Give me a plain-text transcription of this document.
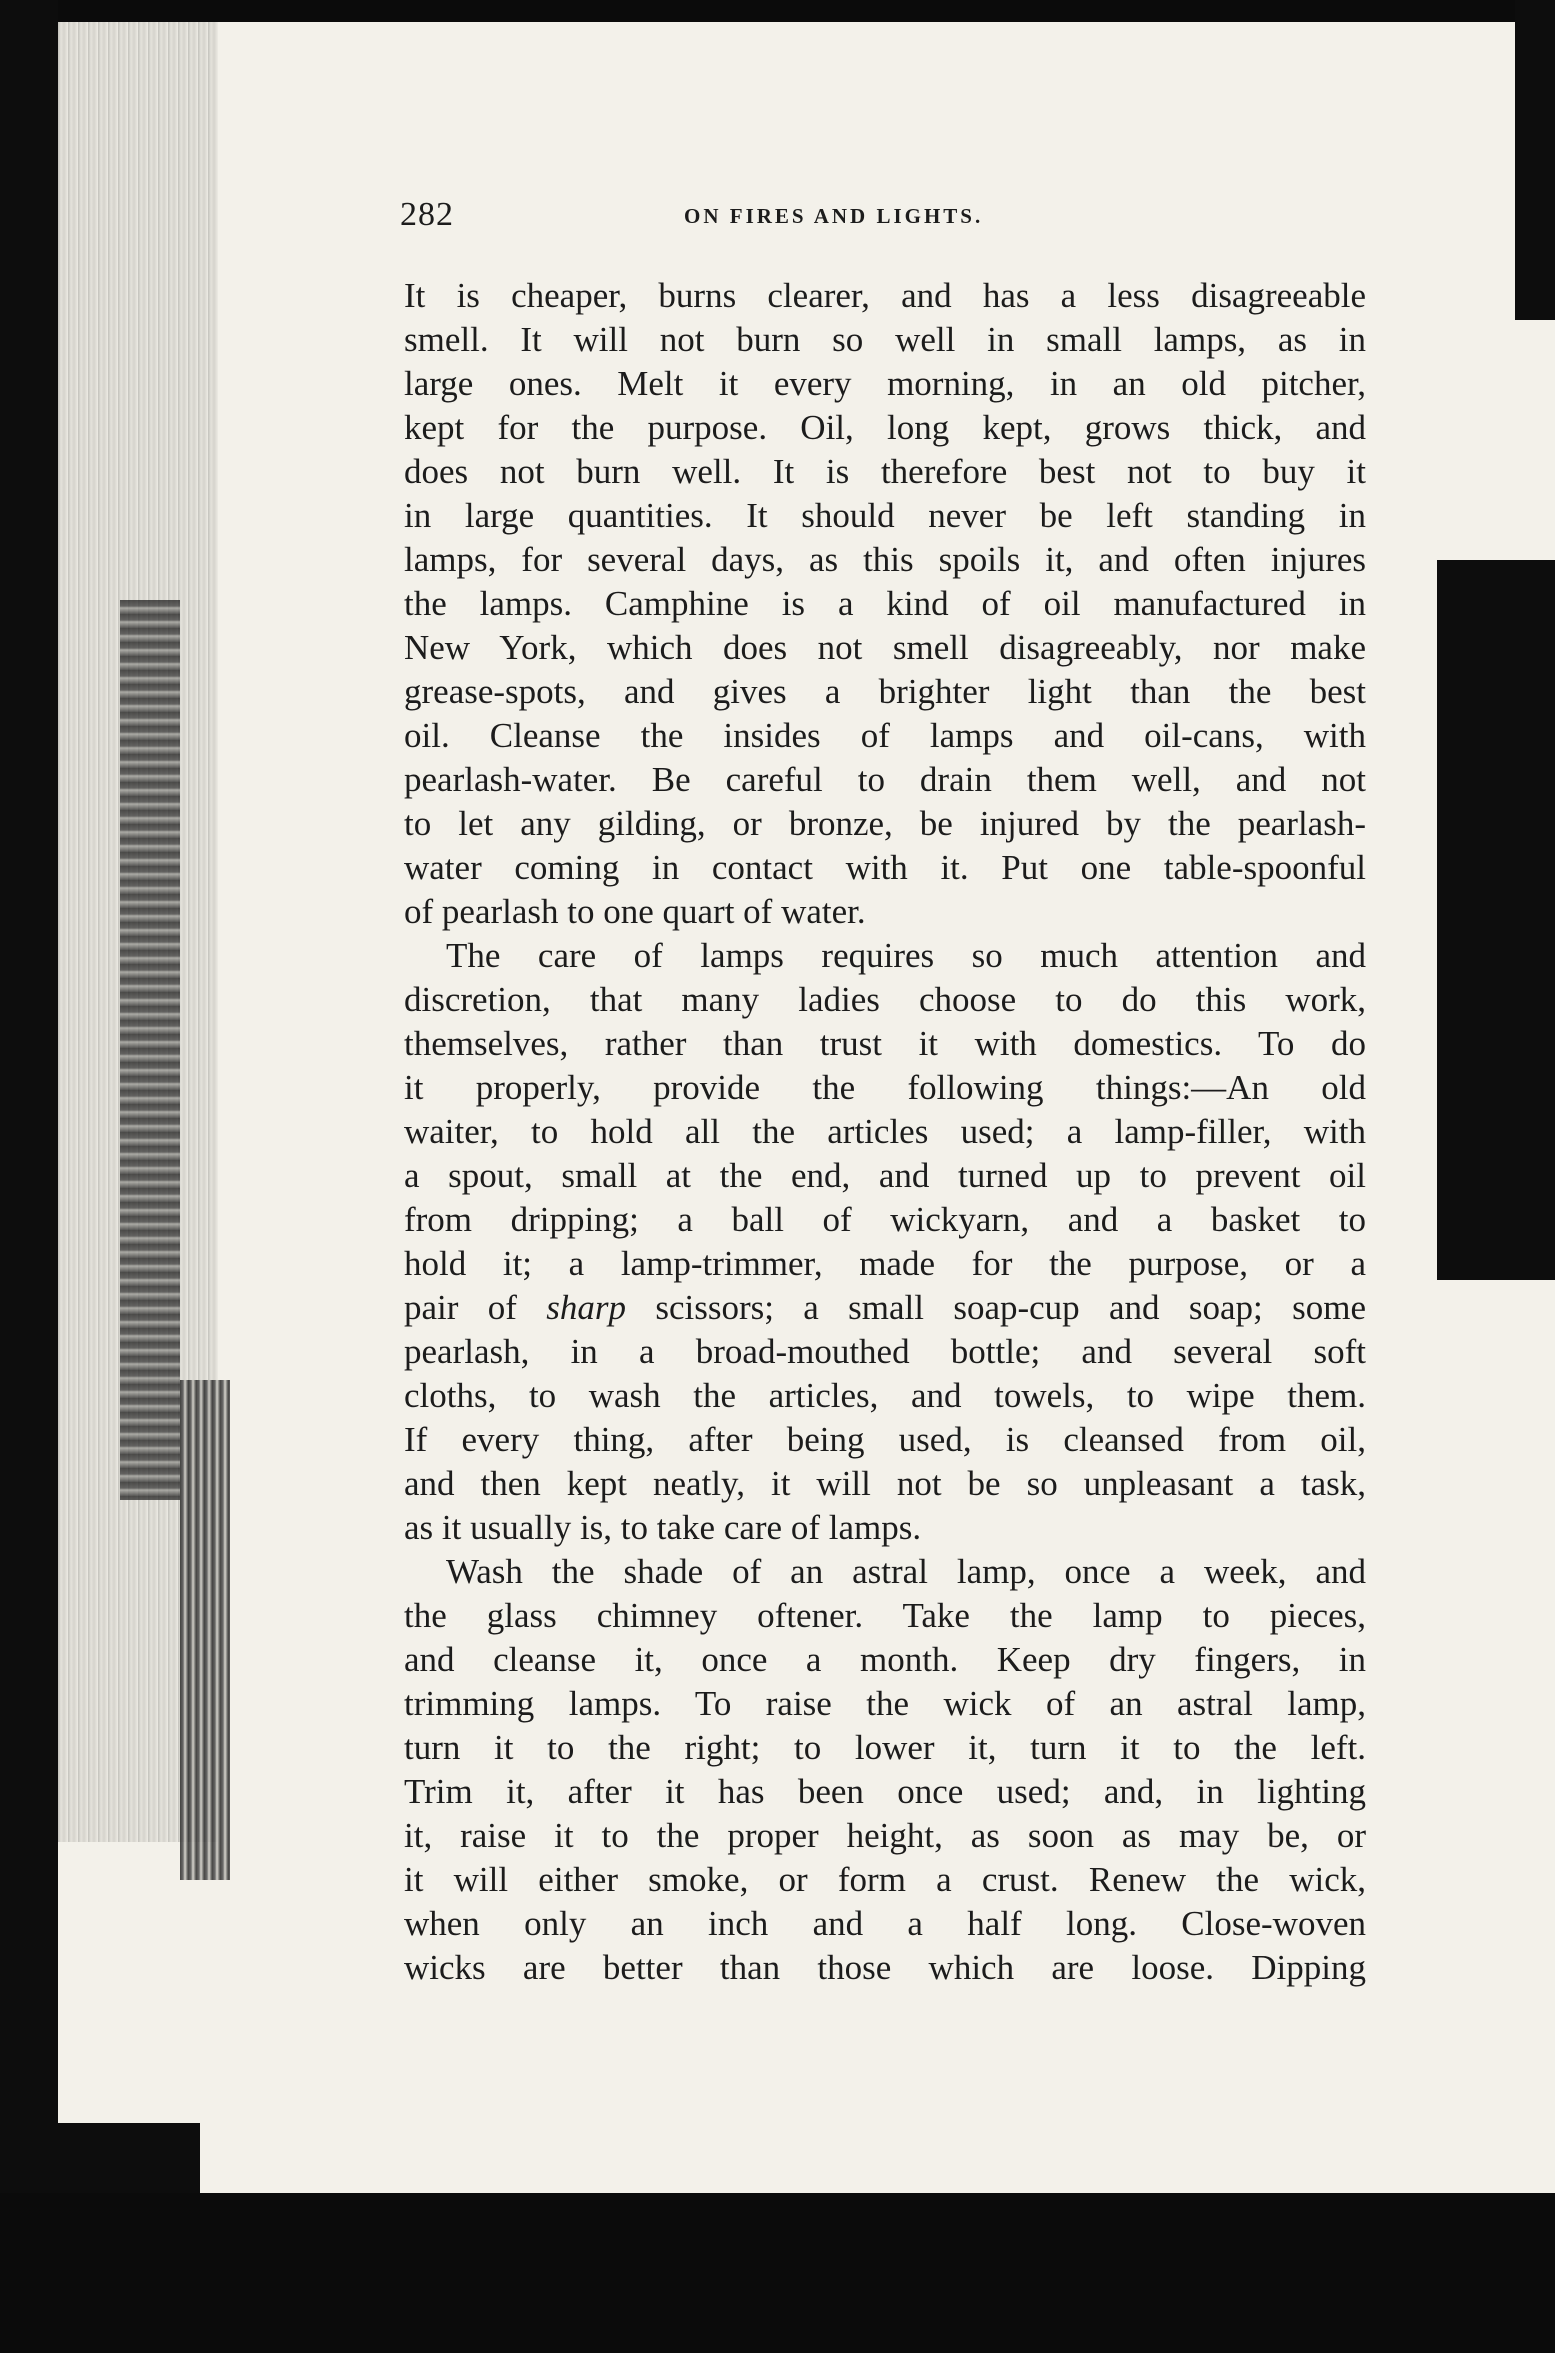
282	ON FIRES AND LIGHTS.
It is cheaper, burns clearer, and has a less disagreeable
smell. It will not burn so well in small lamps, as in
large ones. Melt it every morning, in an old pitcher,
kept for the purpose. Oil, long kept, grows thick, and
does not burn well. It is therefore best not to buy it
in large quantities. It should never be left standing in
lamps, for several days, as this spoils it, and often injures
the lamps. Camphine is a kind of oil manufactured in
New York, which does not smell disagreeably, nor make
grease-spots, and gives a brighter light than the best
oil. Cleanse the insides of lamps and oil-cans, with
pearlash-water. Be careful to drain them well, and not
to let any gilding, or bronze, be injured by the pearlash-
water coming in contact with it. Put one table-spoonful
of pearlash to one quart of water.
The care of lamps requires so much attention and
discretion, that many ladies choose to do this work,
themselves, rather than trust it with domestics. To do
it properly, provide the following things:—An old
waiter, to hold all the articles used; a lamp-filler, with
a spout, small at the end, and turned up to prevent oil
from dripping; a ball of wickyarn, and a basket to
hold it; a lamp-trimmer, made for the purpose, or a
pair of sharp scissors; a small soap-cup and soap; some
pearlash, in a broad-mouthed bottle; and several soft
cloths, to wash the articles, and towels, to wipe them.
If every thing, after being used, is cleansed from oil,
and then kept neatly, it will not be so unpleasant a task,
as it usually is, to take care of lamps.
Wash the shade of an astral lamp, once a week, and
the glass chimney oftener. Take the lamp to pieces,
and cleanse it, once a month. Keep dry fingers, in
trimming lamps. To raise the wick of an astral lamp,
turn it to the right; to lower it, turn it to the left.
Trim it, after it has been once used; and, in lighting
it, raise it to the proper height, as soon as may be, or
it will either smoke, or form a crust. Renew the wick,
when only an inch and a half long. Close-woven
wicks are better than those which are loose. Dipping
